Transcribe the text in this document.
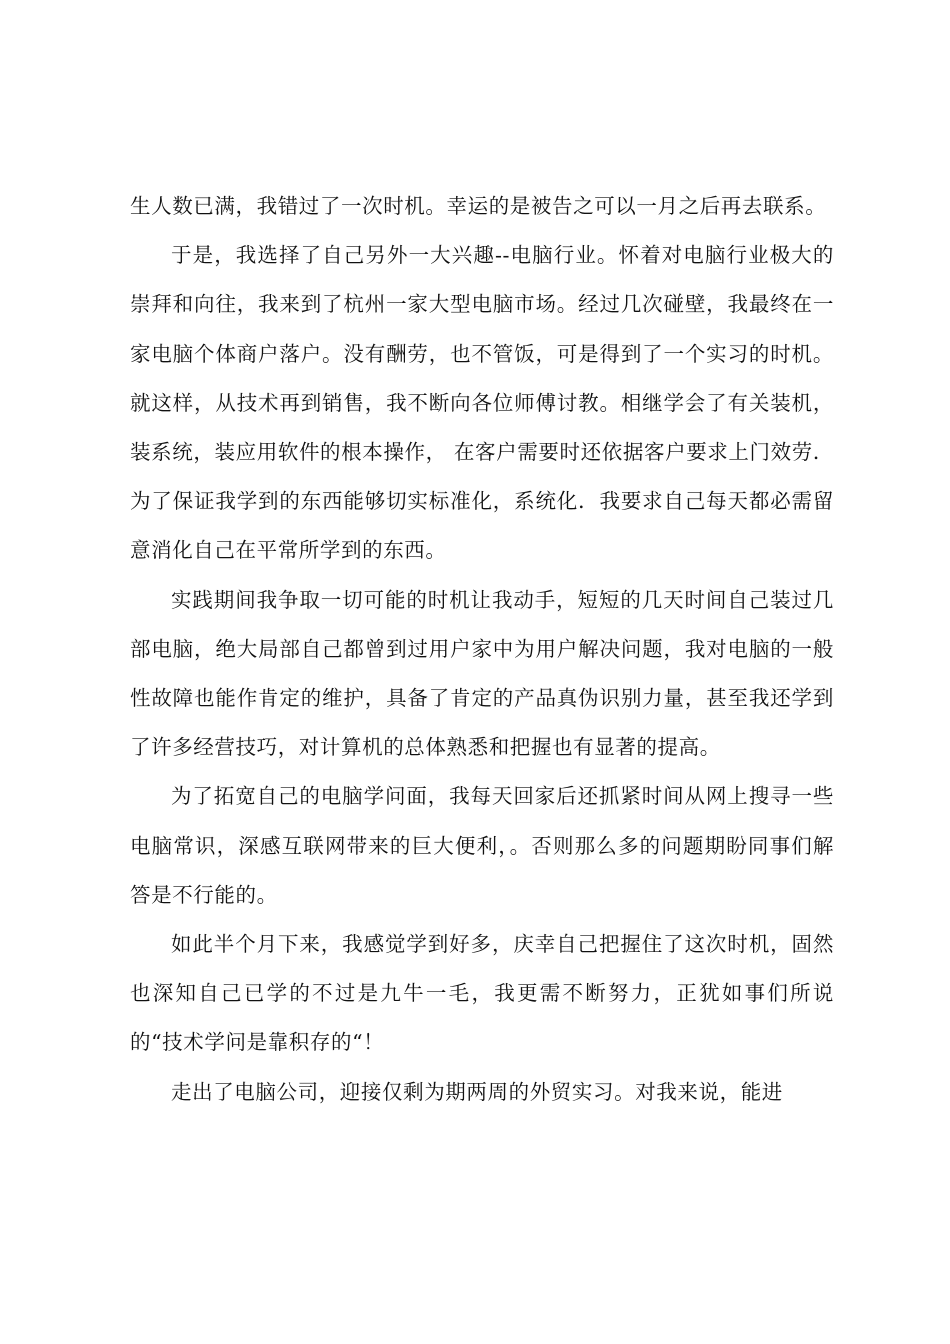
生人数已满，我错过了一次时机。幸运的是被告之可以一月之后再去联系。

于是，我选择了自己另外一大兴趣--电脑行业。怀着对电脑行业极大的崇拜和向往，我来到了杭州一家大型电脑市场。经过几次碰壁，我最终在一家电脑个体商户落户。没有酬劳，也不管饭，可是得到了一个实习的时机。就这样，从技术再到销售，我不断向各位师傅讨教。相继学会了有关装机，装系统，装应用软件的根本操作， 在客户需要时还依据客户要求上门效劳．为了保证我学到的东西能够切实标准化，系统化．我要求自己每天都必需留意消化自己在平常所学到的东西。

实践期间我争取一切可能的时机让我动手，短短的几天时间自己装过几部电脑，绝大局部自己都曾到过用户家中为用户解决问题，我对电脑的一般性故障也能作肯定的维护，具备了肯定的产品真伪识别力量，甚至我还学到了许多经营技巧，对计算机的总体熟悉和把握也有显著的提高。

为了拓宽自己的电脑学问面，我每天回家后还抓紧时间从网上搜寻一些电脑常识，深感互联网带来的巨大便利，。否则那么多的问题期盼同事们解答是不行能的。

如此半个月下来，我感觉学到好多，庆幸自己把握住了这次时机，固然也深知自己已学的不过是九牛一毛，我更需不断努力，正犹如事们所说的“技术学问是靠积存的“！

走出了电脑公司，迎接仅剩为期两周的外贸实习。对我来说，能进
